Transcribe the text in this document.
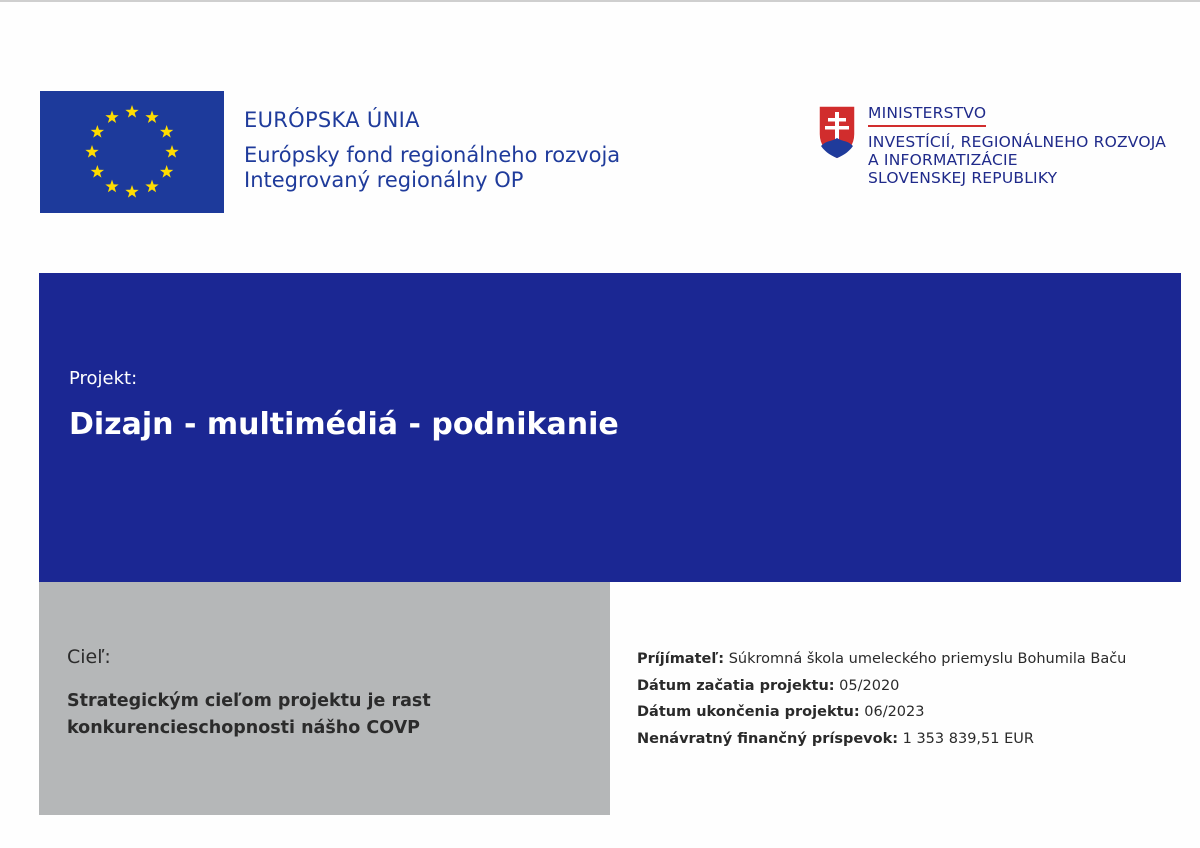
EURÓPSKA ÚNIA
Európsky fond regionálneho rozvoja
Integrovaný regionálny OP
MINISTERSTVO
INVESTÍCIÍ, REGIONÁLNEHO ROZVOJA
A INFORMATIZÁCIE
SLOVENSKEJ REPUBLIKY
Projekt:
Dizajn - multimédiá - podnikanie
Cieľ:
Strategickým cieľom projektu je rast
konkurencieschopnosti nášho COVP
Príjímateľ: Súkromná škola umeleckého priemyslu Bohumila Baču
Dátum začatia projektu: 05/2020
Dátum ukončenia projektu: 06/2023
Nenávratný finančný príspevok: 1 353 839,51 EUR
